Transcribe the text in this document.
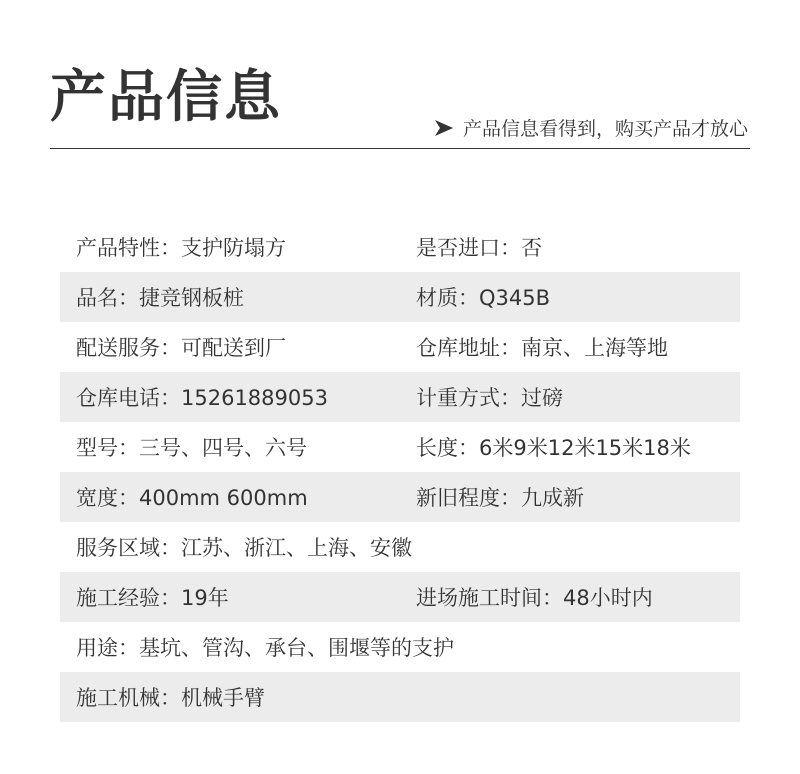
产品信息	产品信息看得到，购买产品才放心
产品特性：支护防塌方	是否进口：否
品名：捷竞钢板桩	材质：Q345B
配送服务：可配送到厂	仓库地址：南京、上海等地
仓库电话：15261889053	计重方式：过磅
型号：三号、四号、六号	长度：6米9米12米15米18米
宽度：400mm 600mm	新旧程度：九成新
服务区域：江苏、浙江、上海、安徽
施工经验：19年	进场施工时间：48小时内
用途：基坑、管沟、承台、围堰等的支护
施工机械：机械手臂
